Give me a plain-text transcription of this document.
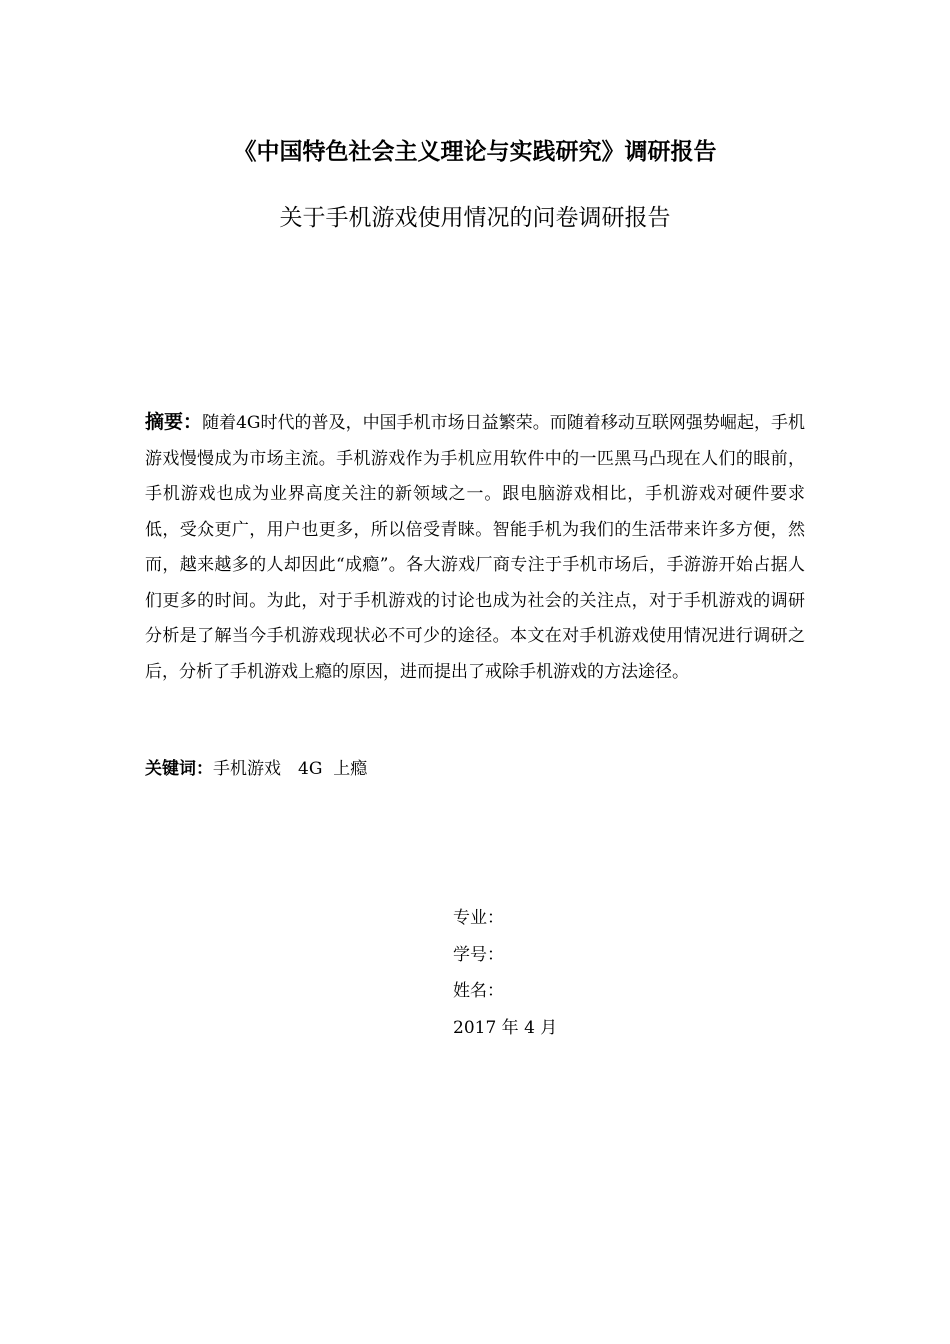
《中国特色社会主义理论与实践研究》调研报告
关于手机游戏使用情况的问卷调研报告
摘要：随着4G时代的普及，中国手机市场日益繁荣。而随着移动互联网强势崛起，手机游戏慢慢成为市场主流。手机游戏作为手机应用软件中的一匹黑马凸现在人们的眼前，手机游戏也成为业界高度关注的新领域之一。跟电脑游戏相比，手机游戏对硬件要求低，受众更广，用户也更多，所以倍受青睐。智能手机为我们的生活带来许多方便，然而，越来越多的人却因此“成瘾”。各大游戏厂商专注于手机市场后，手游游开始占据人们更多的时间。为此，对于手机游戏的讨论也成为社会的关注点，对于手机游戏的调研分析是了解当今手机游戏现状必不可少的途径。本文在对手机游戏使用情况进行调研之后，分析了手机游戏上瘾的原因，进而提出了戒除手机游戏的方法途径。
关键词：手机游戏　4G  上瘾
专业：
学号：
姓名：
2017 年 4 月
